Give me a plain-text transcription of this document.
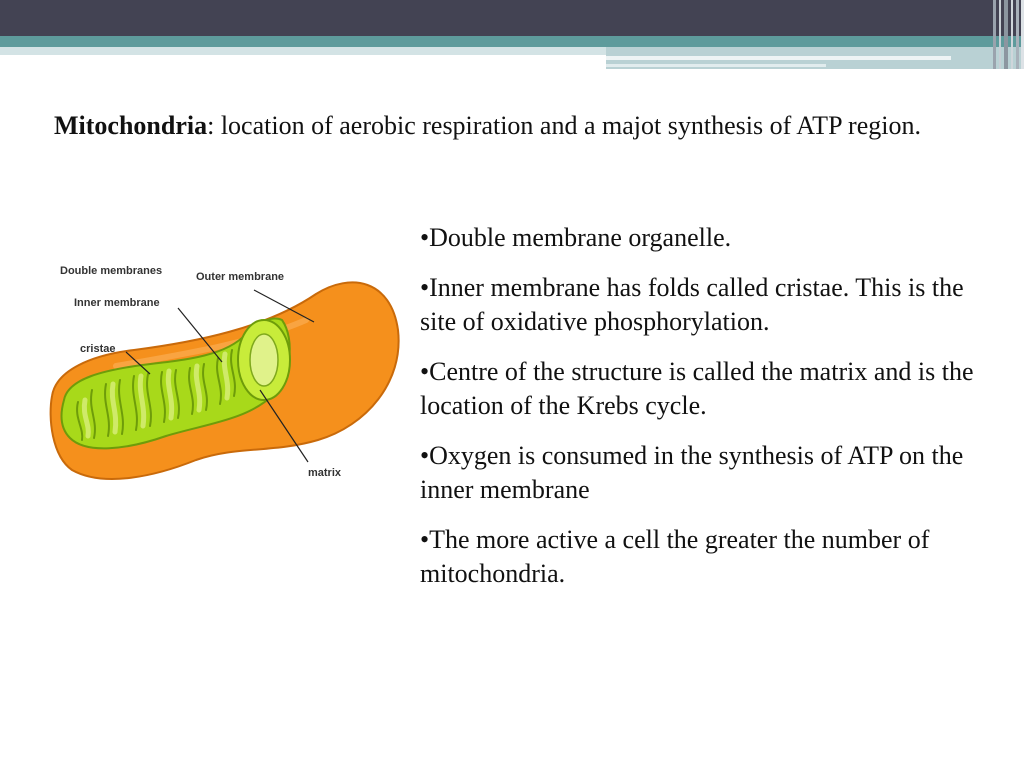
Mitochondria: location of aerobic respiration and a majot synthesis of ATP region.
Double membranes	Outer membrane
Inner membrane
cristae
matrix
•Double membrane organelle.
•Inner membrane has folds called cristae. This is the site of oxidative phosphorylation.
•Centre of the structure is called the matrix and is the location of the Krebs cycle.
•Oxygen is consumed in the synthesis of ATP on the inner membrane
•The more active a cell the greater the number of mitochondria.
